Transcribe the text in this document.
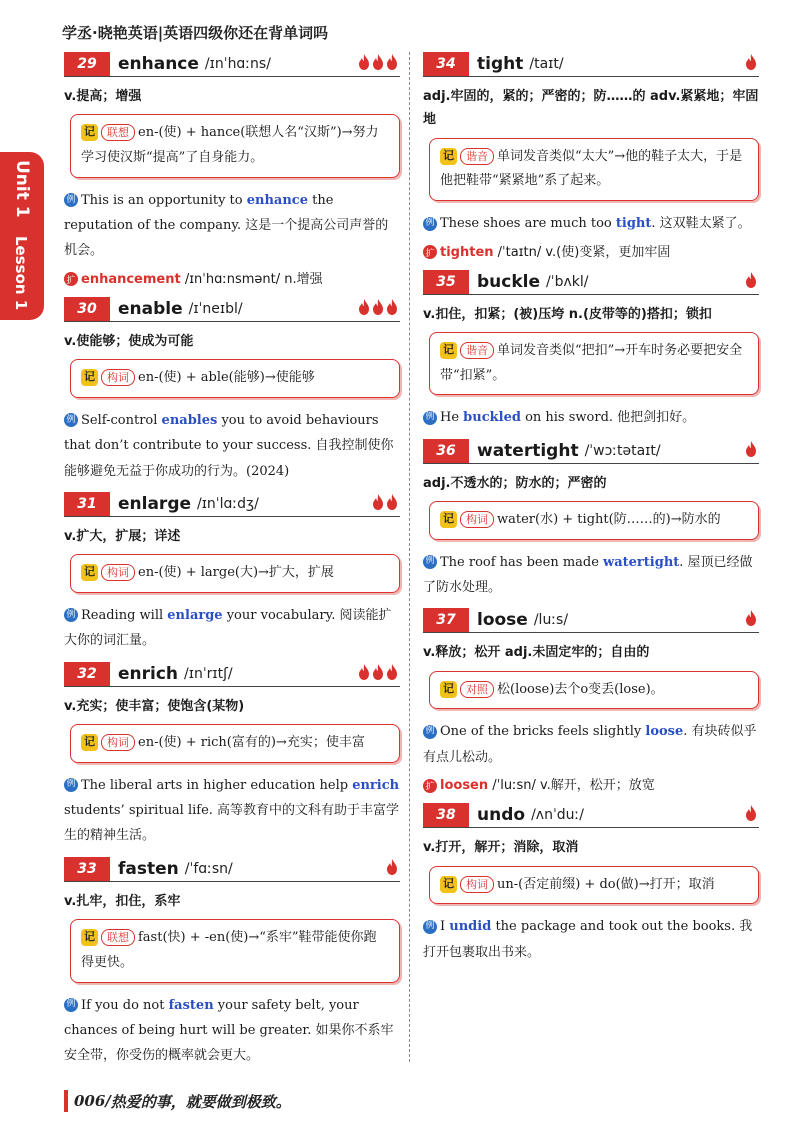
学丞·晓艳英语|英语四级你还在背单词吗
Unit 1
Lesson 1
29	enhance /ɪnˈhɑːns/
v.提高；增强
记 联想 en-(使) + hance(联想人名“汉斯”)→努力学习使汉斯“提高”了自身能力。
例 This is an opportunity to enhance the reputation of the company. 这是一个提高公司声誉的机会。
扩 enhancement /ɪnˈhɑːnsmənt/ n.增强
30	enable /ɪˈneɪbl/
v.使能够；使成为可能
记 构词 en-(使) + able(能够)→使能够
例 Self-control enables you to avoid behaviours that don’t contribute to your success. 自我控制使你能够避免无益于你成功的行为。(2024)
31	enlarge /ɪnˈlɑːdʒ/
v.扩大，扩展；详述
记 构词 en-(使) + large(大)→扩大，扩展
例 Reading will enlarge your vocabulary. 阅读能扩大你的词汇量。
32	enrich /ɪnˈrɪtʃ/
v.充实；使丰富；使饱含(某物)
记 构词 en-(使) + rich(富有的)→充实；使丰富
例 The liberal arts in higher education help enrich students’ spiritual life. 高等教育中的文科有助于丰富学生的精神生活。
33	fasten /ˈfɑːsn/
v.扎牢，扣住，系牢
记 联想 fast(快) + -en(使)→“系牢”鞋带能使你跑得更快。
例 If you do not fasten your safety belt, your chances of being hurt will be greater. 如果你不系牢安全带，你受伤的概率就会更大。
34	tight /taɪt/
adj.牢固的，紧的；严密的；防……的 adv.紧紧地；牢固地
记 谐音 单词发音类似“太大”→他的鞋子太大，于是他把鞋带“紧紧地”系了起来。
例 These shoes are much too tight. 这双鞋太紧了。
扩 tighten /ˈtaɪtn/ v.(使)变紧，更加牢固
35	buckle /ˈbʌkl/
v.扣住，扣紧；(被)压垮 n.(皮带等的)搭扣；锁扣
记 谐音 单词发音类似“把扣”→开车时务必要把安全带“扣紧”。
例 He buckled on his sword. 他把剑扣好。
36	watertight /ˈwɔːtətaɪt/
adj.不透水的；防水的；严密的
记 构词 water(水) + tight(防……的)→防水的
例 The roof has been made watertight. 屋顶已经做了防水处理。
37	loose /luːs/
v.释放；松开 adj.未固定牢的；自由的
记 对照 松(loose)去个o变丢(lose)。
例 One of the bricks feels slightly loose. 有块砖似乎有点儿松动。
扩 loosen /ˈluːsn/ v.解开，松开；放宽
38	undo /ʌnˈduː/
v.打开，解开；消除，取消
记 构词 un-(否定前缀) + do(做)→打开；取消
例 I undid the package and took out the books. 我打开包裹取出书来。
006/ 热爱的事，就要做到极致。
